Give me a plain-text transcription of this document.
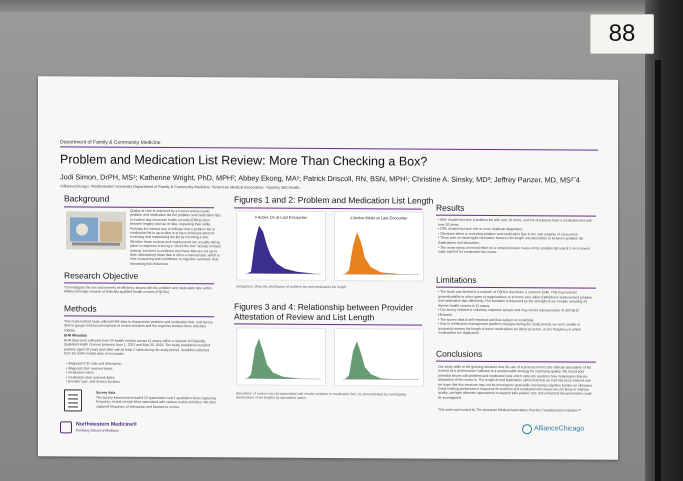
88
Department of Family & Community Medicine
Problem and Medication List Review: More Than Checking a Box?
Jodi Simon, DrPH, MS¹; Katherine Wright, PhD, MPH²; Abbey Ekong, MA¹; Patrick Driscoll, RN, BSN, MPH¹; Christine A. Sinsky, MD³; Jeffrey Panzer, MD, MS²˘4
¹AllianceChicago; ²Northwestern University Department of Family & Community Medicine; ³American Medical Association; ⁴Spanny 360 Health
Background
Quality of care is improved by a current and accurate problem and medication list but problem and medication lists in modern day electronic health records (EHRs) often become lengthy and out of date, impacting their utility. Perhaps the easiest way to indicate that a problem list or medication list is up-to-date is to have clinicians attest to reviewing and maintaining the list by checking a box. Whether these reviews and maintenance are actually taking place in response to being a "check the box" activity remains unclear, but there is evidence that these lists are not up-to-date. Maintaining these lists is often a manual task, which is time consuming and contributes to cognitive overload, thus increasing risk of burnout.
Research Objective
To investigate the use and severity of efficiency issues with the problem and medication lists within AllianceChicago network of federally qualified health centers (FQHCs).
Methods
This multi-method study utilized EHR data to characterize problem and medication lists, and survey data to gauge clinician perceptions of review activities and the cognitive burden these activities impose.
EHR Metadata
EHR data were collected from 24 health centers across 11 states within a network of Federally Qualified Health Centers between June 1, 2021 and May 30, 2022. The study population included patients aged 18 years and older with at least 2 visits during the study period. Variables collected from the EHR include date of encounter:
• diagnosis ICD code and description
• diagnosis start and end dates
• medication name
• medication start and end dates
• provider type, and service location
Survey data
The survey instrument included 22 quantitative and 1 qualitative items capturing frequency of and mental effort associated with various review activities. We also captured frequency of attestation and barriers to review.
Figures 1 and 2: Problem and Medication List Length
# Active Dx at Last Encounter	# Active Meds at Last Encounter
Histograms show the distribution of problem list and medication list length
Figures 3 and 4: Relationship between Provider Attestation of Review and List Length
Attestation of review was not associated with shorter problem or medication lists, as demonstrated by overlapping distributions of list lengths by attestation status
Results
• 68% of patients have a problem list with over 10 items, and 5% of patients have a medication list with over 20 items.
• 23% of patients have one or more duplicate diagnoses.
• Clinicians attest to reviewing problem and medication lists in the vast majority of encounters.
• There was no meaningful correlation between list length and attestation or between problem list duplications and attestation.
• The mean rating of mental effort for a comprehensive review of the problem list was 8.3 on a 9-point scale and 8.0 for medication list review.
Limitations
• The study was limited to a network of FQHCs that share a common EHR. This may limit the generalizability to other types of organizations or to those who utilize EHRs/have implemented problem and medication lists differently. The limitation is balanced by the strength of our sample including 24 diverse health centers in 11 states.
• Our survey enlisted a voluntary response sample and may not be representative of all FQHC clinicians.
• The survey data is self-reported and thus subject to recall bias.
• Due to medication management platform changes during the study period, we were unable to accurately assess the length of some medications we listed as active, or the frequency in which medications are duplicated.
Conclusions
Our study adds to the growing literature that the use of a process metric (the clinician attestation of list review) as a performance indicator is a questionable strategy for improving quality. We found poor potential issues with problem and medication lists which calls into question how meaningful clinician attestation of list review is. The length of and duplication within lists that we had has been tracked and we hope that this measure may not be meeting the goal while increasing cognitive burden on clinicians. Good existing performance measures for problem and medication list review are not likely to improve quality; perhaps alternate approaches to support safe patient care and enhanced documentation could be investigated.
This work was funded by The American Medical Association Practice Transformation Initiative™
Northwestern Medicine®
Feinberg School of Medicine	AllianceChicago
